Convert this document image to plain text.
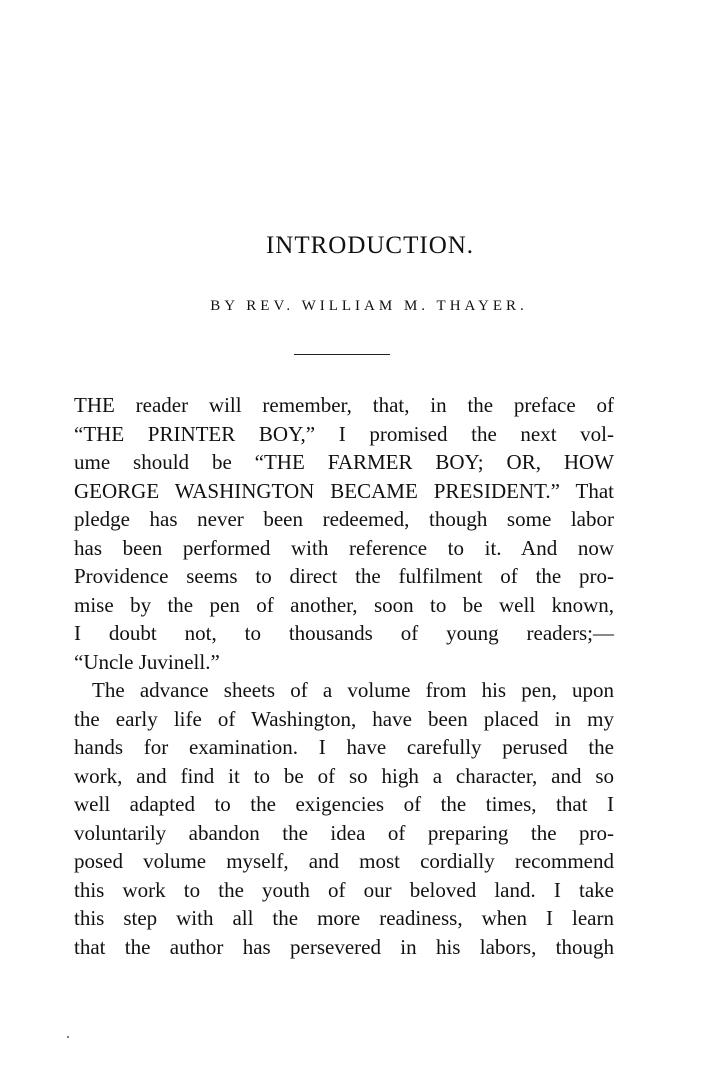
INTRODUCTION.
BY REV. WILLIAM M. THAYER.
THE reader will remember, that, in the preface of
“THE PRINTER BOY,” I promised the next vol-
ume should be “THE FARMER BOY; OR, HOW
GEORGE WASHINGTON BECAME PRESIDENT.” That
pledge has never been redeemed, though some labor
has been performed with reference to it. And now
Providence seems to direct the fulfilment of the pro-
mise by the pen of another, soon to be well known,
I doubt not, to thousands of young readers;—
“Uncle Juvinell.”
The advance sheets of a volume from his pen, upon
the early life of Washington, have been placed in my
hands for examination. I have carefully perused the
work, and find it to be of so high a character, and so
well adapted to the exigencies of the times, that I
voluntarily abandon the idea of preparing the pro-
posed volume myself, and most cordially recommend
this work to the youth of our beloved land. I take
this step with all the more readiness, when I learn
that the author has persevered in his labors, though
